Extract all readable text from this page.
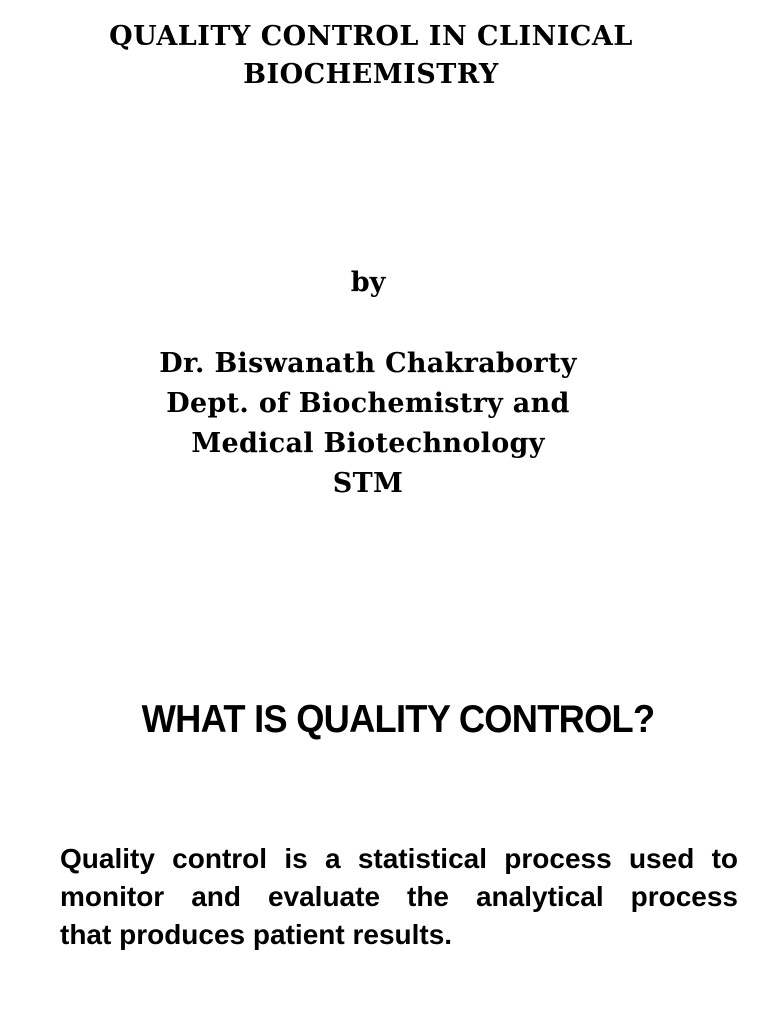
QUALITY CONTROL IN CLINICAL
BIOCHEMISTRY
by
Dr. Biswanath Chakraborty
Dept. of Biochemistry and
Medical Biotechnology
STM
WHAT IS QUALITY CONTROL?
Quality control is a statistical process used to
monitor and evaluate the analytical process
that produces patient results.
